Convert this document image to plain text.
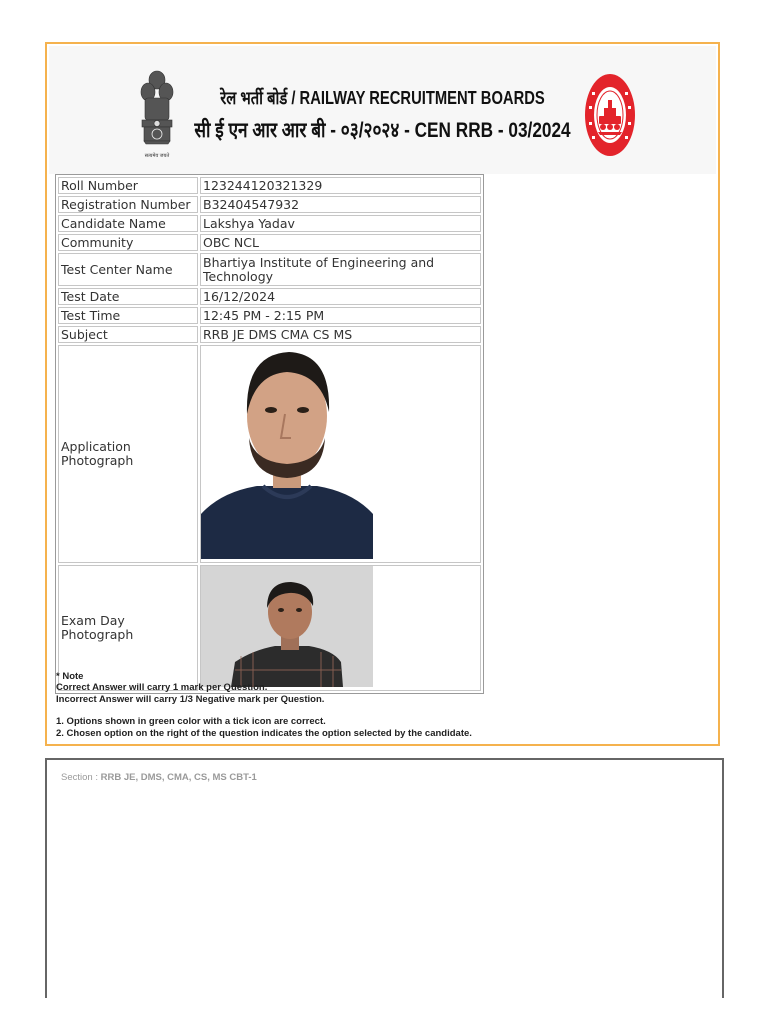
सत्यमेव जयते
रेल भर्ती बोर्ड / RAILWAY RECRUITMENT BOARDS
सी ई एन आर आर बी - ०३/२०२४ - CEN RRB - 03/2024
Roll Number	123244120321329
Registration Number	B32404547932
Candidate Name	Lakshya Yadav
Community	OBC NCL
Test Center Name	Bhartiya Institute of Engineering and Technology
Test Date	16/12/2024
Test Time	12:45 PM - 2:15 PM
Subject	RRB JE DMS CMA CS MS
Application Photograph	
Exam Day Photograph	

* Note

Correct Answer will carry 1 mark per Question.

Incorrect Answer will carry 1/3 Negative mark per Question.

1. Options shown in green color with a tick icon are correct.

2. Chosen option on the right of the question indicates the option selected by the candidate.

Section : RRB JE, DMS, CMA, CS, MS CBT-1
